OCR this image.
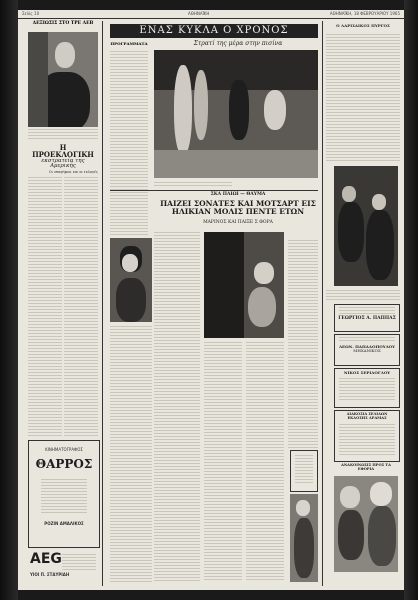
Σελίς 10	ΑΘΗΝΑΪΚΗ	ΑΘΗΝΑΪΚΗ, 18 ΦΕΒΡΟΥΑΡΙΟΥ 1965
ΔΕΞΙΩΣΙΣ ΣΤΟ ΤΡΕ ΛΕΒ
Η ΠΡΟΕΚΛΟΓΙΚΗ
εκστρατεία της Αμερικής
Οι υποψήφιοι και οι εκλογές
ΚΙΝΗΜΑΤΟΓΡΑΦΟΣ
ΘΑΡΡΟΣ
ΡΟΖΙΝ ΑΜΑΛΙΚΟΣ
AEG
ΥΙΟΙ Π. ΣΤΑΥΡΙΔΗ
ΕΝΑΣ ΚΥΚΛΑ Ο ΧΡΟΝΟΣ
ΠΡΟΓΡΑΜΜΑΤΑ	Στρατί της μέρα στην πισίνα
ΣΚΑ ΠΑΙΩΙ — ΘΑΥΜΑ
ΠΑΙΖΕΙ ΣΟΝΑΤΕΣ ΚΑΙ ΜΟΤΣΑΡΤ ΕΙΣ ΗΛΙΚΙΑΝ ΜΟΛΙΣ ΠΕΝΤΕ ΕΤΩΝ
ΜΑΡΙΝΟΣ ΚΑΙ ΠΑΙΞΕ Σ ΦΟΡΑ
Ο ΛΑΡΙΣΑΙΚΟΣ ΠΥΡΓΟΣ
ΓΕΩΡΓΙΟΣ Α. ΠΑΠΠΑΣ
ΛΕΩΝ. ΠΑΠΑΔΟΠΟΥΛΟΥ
ΜΗΧΑΝΙΚΟΣ
ΝΙΚΟΣ ΣΕΡΙΔΟΓΛΟΥ
ΔΙΑΚΟΣΙΑ ΣΕΛΙΔΩΝ ΕΚΔΟΣΗΣ ΔΡΑΜΑΣ
ΑΝΑΚΟΙΝΩΣΙΣ ΠΡΟΣ ΤΑ ΕΦΟΡΙΑ
